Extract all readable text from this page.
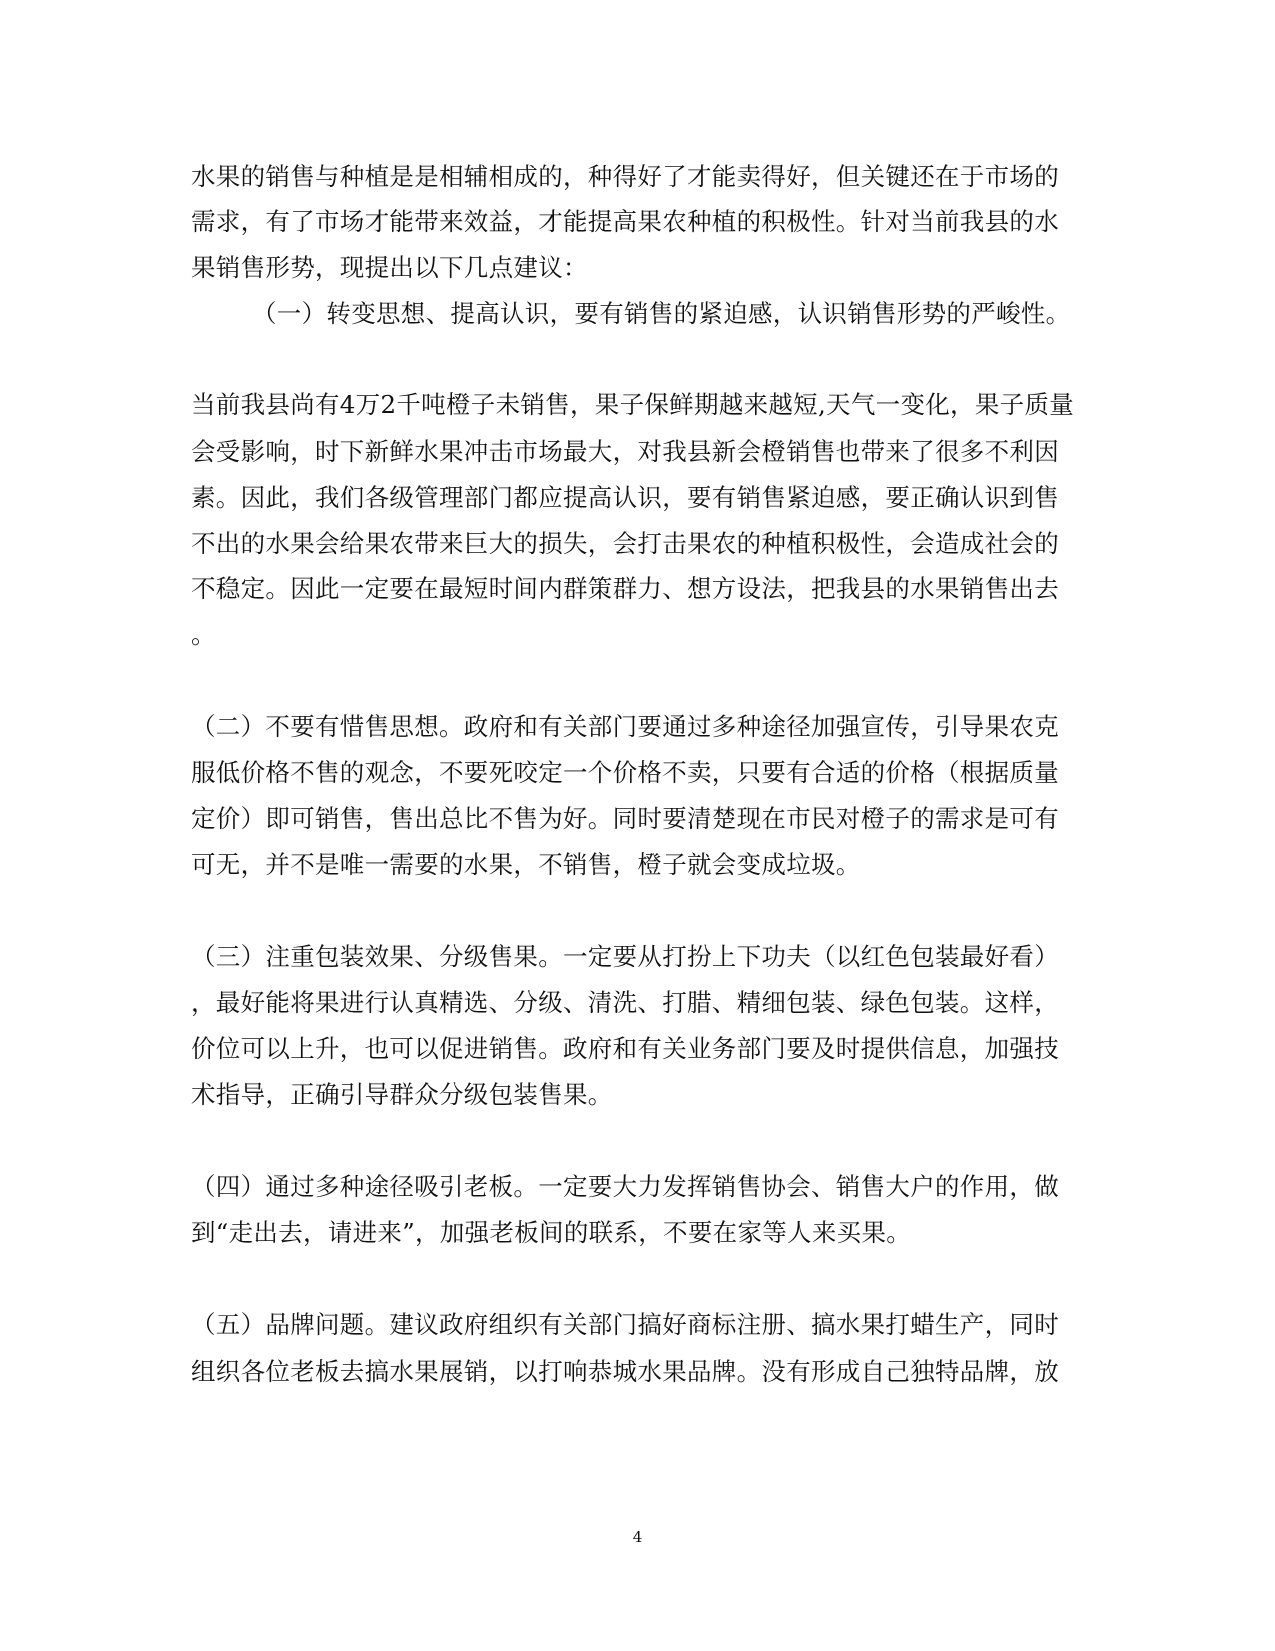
水果的销售与种植是是相辅相成的，种得好了才能卖得好，但关键还在于市场的
需求，有了市场才能带来效益，才能提高果农种植的积极性。针对当前我县的水
果销售形势，现提出以下几点建议：
（一）转变思想、提高认识，要有销售的紧迫感，认识销售形势的严峻性。
当前我县尚有4万2千吨橙子未销售，果子保鲜期越来越短,天气一变化，果子质量
会受影响，时下新鲜水果冲击市场最大，对我县新会橙销售也带来了很多不利因
素。因此，我们各级管理部门都应提高认识，要有销售紧迫感，要正确认识到售
不出的水果会给果农带来巨大的损失，会打击果农的种植积极性，会造成社会的
不稳定。因此一定要在最短时间内群策群力、想方设法，把我县的水果销售出去
。
（二）不要有惜售思想。政府和有关部门要通过多种途径加强宣传，引导果农克
服低价格不售的观念，不要死咬定一个价格不卖，只要有合适的价格（根据质量
定价）即可销售，售出总比不售为好。同时要清楚现在市民对橙子的需求是可有
可无，并不是唯一需要的水果，不销售，橙子就会变成垃圾。
（三）注重包装效果、分级售果。一定要从打扮上下功夫（以红色包装最好看）
，最好能将果进行认真精选、分级、清洗、打腊、精细包装、绿色包装。这样，
价位可以上升，也可以促进销售。政府和有关业务部门要及时提供信息，加强技
术指导，正确引导群众分级包装售果。
（四）通过多种途径吸引老板。一定要大力发挥销售协会、销售大户的作用，做
到“走出去，请进来”，加强老板间的联系，不要在家等人来买果。
（五）品牌问题。建议政府组织有关部门搞好商标注册、搞水果打蜡生产，同时
组织各位老板去搞水果展销，以打响恭城水果品牌。没有形成自己独特品牌，放
4
